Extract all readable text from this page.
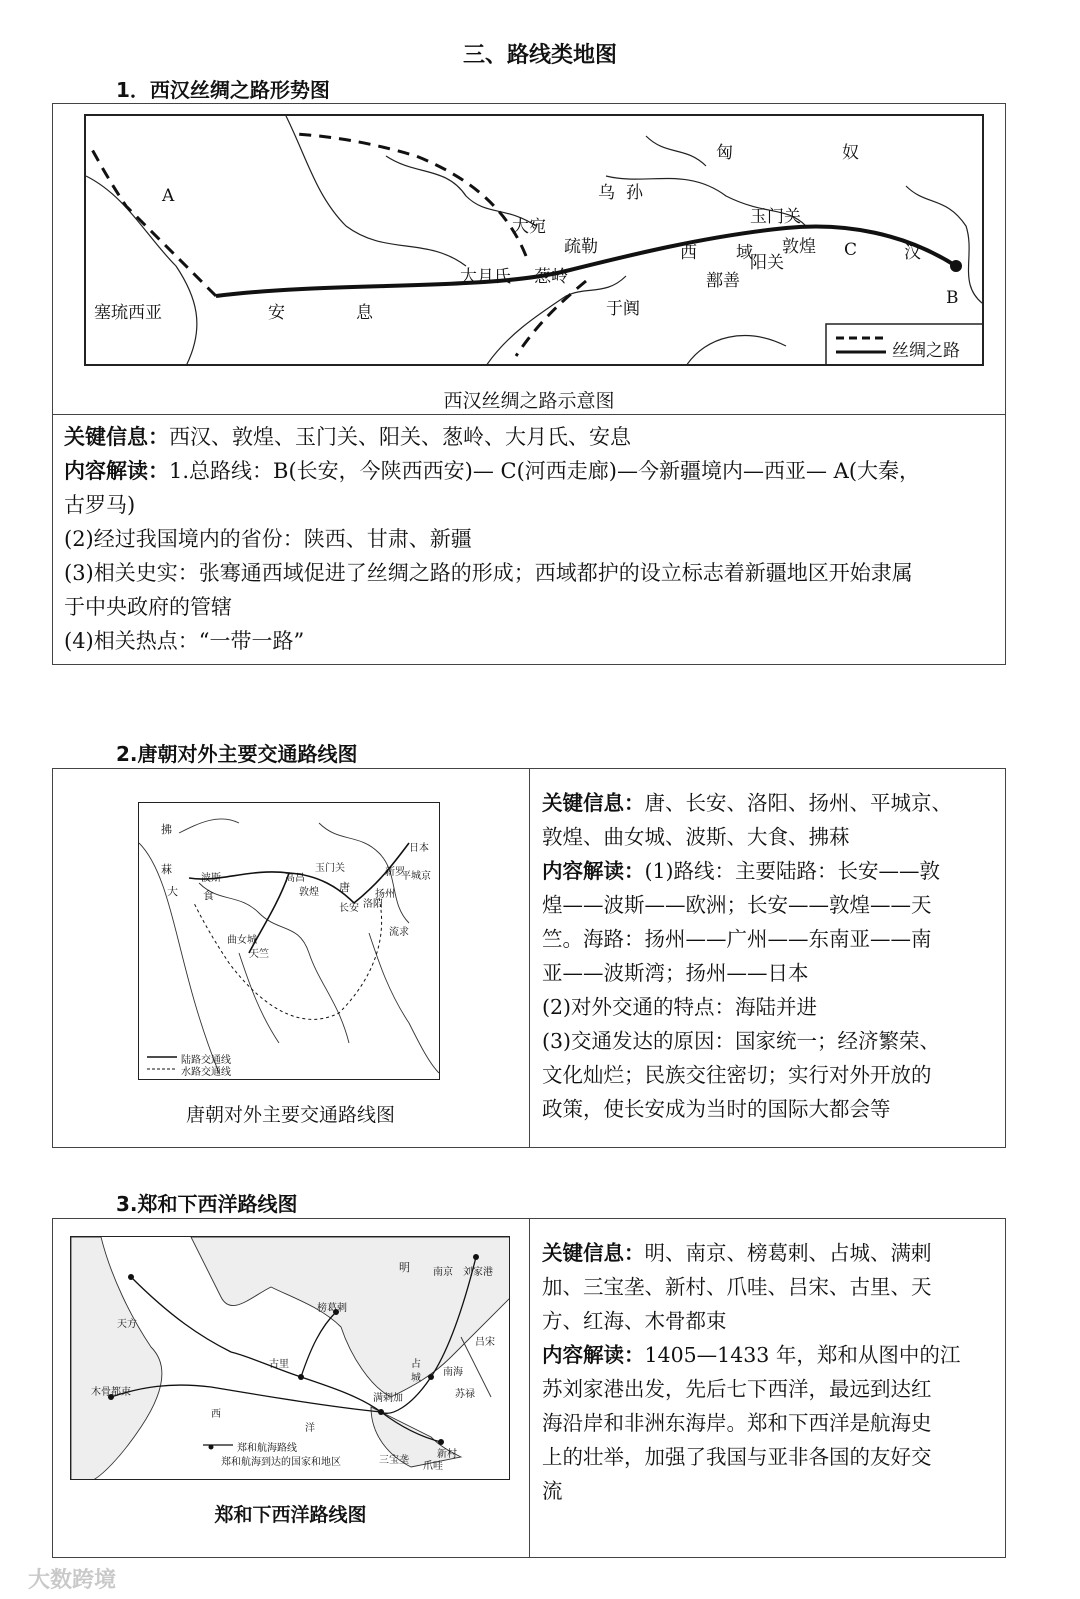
三、路线类地图
1．西汉丝绸之路形势图
匈	奴
乌 孙
大宛
疏勒	西 域
玉门关
敦煌
阳关
大月氏 葱岭
于阗
鄯善
汉
塞琉西亚	安	息
A
B
C
丝绸之路
西汉丝绸之路示意图
关键信息：西汉、敦煌、玉门关、阳关、葱岭、大月氏、安息
内容解读：1.总路线：B(长安，今陕西西安)— C(河西走廊)—今新疆境内—西亚— A(大秦，
古罗马)
(2)经过我国境内的省份：陕西、甘肃、新疆
(3)相关史实：张骞通西域促进了丝绸之路的形成；西域都护的设立标志着新疆地区开始隶属
于中央政府的管辖
(4)相关热点：“一带一路”
2.唐朝对外主要交通路线图
拂
菻
大 食
波斯
玉门关
高昌
敦煌 唐
长安 洛阳
新罗
扬州
日本
平城京
流求
曲女城
天竺
陆路交通线
水路交通线
唐朝对外主要交通路线图
关键信息：唐、长安、洛阳、扬州、平城京、
敦煌、曲女城、波斯、大食、拂菻
内容解读：(1)路线：主要陆路：长安——敦
煌——波斯——欧洲；长安——敦煌——天
竺。海路：扬州——广州——东南亚——南
亚——波斯湾；扬州——日本
(2)对外交通的特点：海陆并进
(3)交通发达的原因：国家统一；经济繁荣、
文化灿烂；民族交往密切；实行对外开放的
政策，使长安成为当时的国际大都会等
3.郑和下西洋路线图
明 南京 刘家港
榜葛剌
天方
古里
木骨都束
西
洋
占
城
满剌加
吕宋
南海
苏禄
三宝垄
新村
爪哇
郑和航海路线
郑和航海到达的国家和地区
郑和下西洋路线图
关键信息：明、南京、榜葛剌、占城、满剌
加、三宝垄、新村、爪哇、吕宋、古里、天
方、红海、木骨都束
内容解读：1405—1433 年，郑和从图中的江
苏刘家港出发，先后七下西洋，最远到达红
海沿岸和非洲东海岸。郑和下西洋是航海史
上的壮举，加强了我国与亚非各国的友好交
流
大数跨境
